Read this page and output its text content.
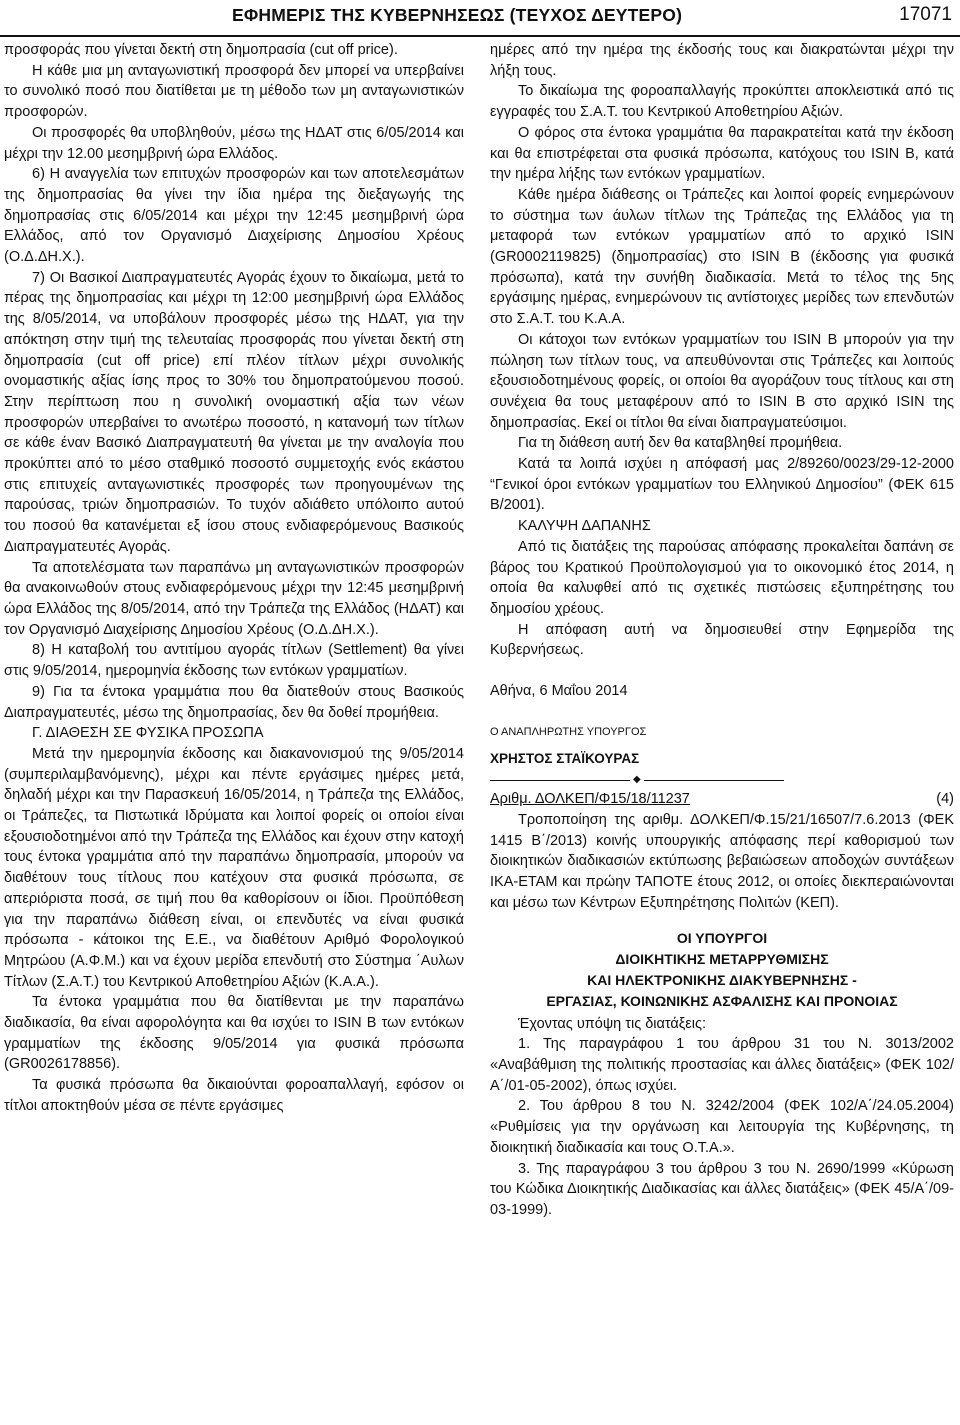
ΕΦΗΜΕΡΙΣ ΤΗΣ ΚΥΒΕΡΝΗΣΕΩΣ (ΤΕΥΧΟΣ ΔΕΥΤΕΡΟ)	17071

προσφοράς που γίνεται δεκτή στη δημοπρασία (cut off price).

Η κάθε μια μη ανταγωνιστική προσφορά δεν μπορεί να υπερβαίνει το συνολικό ποσό που διατίθεται με τη μέθοδο των μη ανταγωνιστικών προσφορών.

Οι προσφορές θα υποβληθούν, μέσω της ΗΔΑΤ στις 6/05/2014 και μέχρι την 12.00 μεσημβρινή ώρα Ελλάδος.

6) Η αναγγελία των επιτυχών προσφορών και των αποτελεσμάτων της δημοπρασίας θα γίνει την ίδια ημέρα της διεξαγωγής της δημοπρασίας στις 6/05/2014 και μέχρι την 12:45 μεσημβρινή ώρα Ελλάδος, από τον Οργανισμό Διαχείρισης Δημοσίου Χρέους (Ο.Δ.ΔΗ.Χ.).

7) Οι Βασικοί Διαπραγματευτές Αγοράς έχουν το δικαίωμα, μετά το πέρας της δημοπρασίας και μέχρι τη 12:00 μεσημβρινή ώρα Ελλάδος της 8/05/2014, να υποβάλουν προσφορές μέσω της ΗΔΑΤ, για την απόκτηση στην τιμή της τελευταίας προσφοράς που γίνεται δεκτή στη δημοπρασία (cut off price) επί πλέον τίτλων μέχρι συνολικής ονομαστικής αξίας ίσης προς το 30% του δημοπρατούμενου ποσού. Στην περίπτωση που η συνολική ονομαστική αξία των νέων προσφορών υπερβαίνει το ανωτέρω ποσοστό, η κατανομή των τίτλων σε κάθε έναν Βασικό Διαπραγματευτή θα γίνεται με την αναλογία που προκύπτει από το μέσο σταθμικό ποσοστό συμμετοχής ενός εκάστου στις επιτυχείς ανταγωνιστικές προσφορές των προηγουμένων της παρούσας, τριών δημοπρασιών. Το τυχόν αδιάθετο υπόλοιπο αυτού του ποσού θα κατανέμεται εξ ίσου στους ενδιαφερόμενους Βασικούς Διαπραγματευτές Αγοράς.

Τα αποτελέσματα των παραπάνω μη ανταγωνιστικών προσφορών θα ανακοινωθούν στους ενδιαφερόμενους μέχρι την 12:45 μεσημβρινή ώρα Ελλάδος της 8/05/2014, από την Τράπεζα της Ελλάδος (ΗΔΑΤ) και τον Οργανισμό Διαχείρισης Δημοσίου Χρέους (Ο.Δ.ΔΗ.Χ.).

8) Η καταβολή του αντιτίμου αγοράς τίτλων (Settlement) θα γίνει στις 9/05/2014, ημερομηνία έκδοσης των εντόκων γραμματίων.

9) Για τα έντοκα γραμμάτια που θα διατεθούν στους Βασικούς Διαπραγματευτές, μέσω της δημοπρασίας, δεν θα δοθεί προμήθεια.

Γ. ΔΙΑΘΕΣΗ ΣΕ ΦΥΣΙΚΑ ΠΡΟΣΩΠΑ

Μετά την ημερομηνία έκδοσης και διακανονισμού της 9/05/2014 (συμπεριλαμβανόμενης), μέχρι και πέντε εργάσιμες ημέρες μετά, δηλαδή μέχρι και την Παρασκευή 16/05/2014, η Τράπεζα της Ελλάδος, οι Τράπεζες, τα Πιστωτικά Ιδρύματα και λοιποί φορείς οι οποίοι είναι εξουσιοδοτημένοι από την Τράπεζα της Ελλάδος και έχουν στην κατοχή τους έντοκα γραμμάτια από την παραπάνω δημοπρασία, μπορούν να διαθέτουν τους τίτλους που κατέχουν στα φυσικά πρόσωπα, σε απεριόριστα ποσά, σε τιμή που θα καθορίσουν οι ίδιοι. Προϋπόθεση για την παραπάνω διάθεση είναι, οι επενδυτές να είναι φυσικά πρόσωπα - κάτοικοι της Ε.Ε., να διαθέτουν Αριθμό Φορολογικού Μητρώου (Α.Φ.Μ.) και να έχουν μερίδα επενδυτή στο Σύστημα ΄Αυλων Τίτλων (Σ.Α.Τ.) του Κεντρικού Αποθετηρίου Αξιών (Κ.Α.Α.).

Τα έντοκα γραμμάτια που θα διατίθενται με την παραπάνω διαδικασία, θα είναι αφορολόγητα και θα ισχύει το ISIN B των εντόκων γραμματίων της έκδοσης 9/05/2014 για φυσικά πρόσωπα (GR0026178856).

Τα φυσικά πρόσωπα θα δικαιούνται φοροαπαλλαγή, εφόσον οι τίτλοι αποκτηθούν μέσα σε πέντε εργάσιμες

ημέρες από την ημέρα της έκδοσής τους και διακρατώνται μέχρι την λήξη τους.

Το δικαίωμα της φοροαπαλλαγής προκύπτει αποκλειστικά από τις εγγραφές του Σ.Α.Τ. του Κεντρικού Αποθετηρίου Αξιών.

Ο φόρος στα έντοκα γραμμάτια θα παρακρατείται κατά την έκδοση και θα επιστρέφεται στα φυσικά πρόσωπα, κατόχους του ISIN B, κατά την ημέρα λήξης των εντόκων γραμματίων.

Κάθε ημέρα διάθεσης οι Τράπεζες και λοιποί φορείς ενημερώνουν το σύστημα των άυλων τίτλων της Τράπεζας της Ελλάδος για τη μεταφορά των εντόκων γραμματίων από το αρχικό ISIN (GR0002119825) (δημοπρασίας) στο ISIN B (έκδοσης για φυσικά πρόσωπα), κατά την συνήθη διαδικασία. Μετά το τέλος της 5ης εργάσιμης ημέρας, ενημερώνουν τις αντίστοιχες μερίδες των επενδυτών στο Σ.Α.Τ. του Κ.Α.Α.

Οι κάτοχοι των εντόκων γραμματίων του ISIN B μπορούν για την πώληση των τίτλων τους, να απευθύνονται στις Τράπεζες και λοιπούς εξουσιοδοτημένους φορείς, οι οποίοι θα αγοράζουν τους τίτλους και στη συνέχεια θα τους μεταφέρουν από το ISIN B στο αρχικό ISIN της δημοπρασίας. Εκεί οι τίτλοι θα είναι διαπραγματεύσιμοι.

Για τη διάθεση αυτή δεν θα καταβληθεί προμήθεια.

Κατά τα λοιπά ισχύει η απόφασή μας 2/89260/0023/29-12-2000 “Γενικοί όροι εντόκων γραμματίων του Ελληνικού Δημοσίου” (ΦΕΚ 615 Β/2001).

ΚΑΛΥΨΗ ΔΑΠΑΝΗΣ

Από τις διατάξεις της παρούσας απόφασης προκαλείται δαπάνη σε βάρος του Κρατικού Προϋπολογισμού για το οικονομικό έτος 2014, η οποία θα καλυφθεί από τις σχετικές πιστώσεις εξυπηρέτησης του δημοσίου χρέους.

Η απόφαση αυτή να δημοσιευθεί στην Εφημερίδα της Κυβερνήσεως.

Αθήνα, 6 Μαΐου 2014

Ο ΑΝΑΠΛΗΡΩΤΗΣ ΥΠΟΥΡΓΟΣ

ΧΡΗΣΤΟΣ ΣΤΑΪΚΟΥΡΑΣ

◆

Αριθμ. ΔΟΛΚΕΠ/Φ15/18/11237	(4)

Τροποποίηση της αριθμ. ΔΟΛΚΕΠ/Φ.15/21/16507/7.6.2013 (ΦΕΚ 1415 Β΄/2013) κοινής υπουργικής απόφασης περί καθορισμού των διοικητικών διαδικασιών εκτύπωσης βεβαιώσεων αποδοχών συντάξεων ΙΚΑ-ΕΤΑΜ και πρώην ΤΑΠΟΤΕ έτους 2012, οι οποίες διεκπεραιώνονται και μέσω των Κέντρων Εξυπηρέτησης Πολιτών (ΚΕΠ).

ΟΙ ΥΠΟΥΡΓΟΙ
ΔΙΟΙΚΗΤΙΚΗΣ ΜΕΤΑΡΡΥΘΜΙΣΗΣ
ΚΑΙ ΗΛΕΚΤΡΟΝΙΚΗΣ ΔΙΑΚΥΒΕΡΝΗΣΗΣ -
ΕΡΓΑΣΙΑΣ, ΚΟΙΝΩΝΙΚΗΣ ΑΣΦΑΛΙΣΗΣ ΚΑΙ ΠΡΟΝΟΙΑΣ

Έχοντας υπόψη τις διατάξεις:

1. Της παραγράφου 1 του άρθρου 31 του Ν. 3013/2002 «Αναβάθμιση της πολιτικής προστασίας και άλλες διατάξεις» (ΦΕΚ 102/Α΄/01-05-2002), όπως ισχύει.

2. Του άρθρου 8 του Ν. 3242/2004 (ΦΕΚ 102/Α΄/24.05.2004) «Ρυθμίσεις για την οργάνωση και λειτουργία της Κυβέρνησης, τη διοικητική διαδικασία και τους Ο.Τ.Α.».

3. Της παραγράφου 3 του άρθρου 3 του Ν. 2690/1999 «Κύρωση του Κώδικα Διοικητικής Διαδικασίας και άλλες διατάξεις» (ΦΕΚ 45/Α΄/09-03-1999).
